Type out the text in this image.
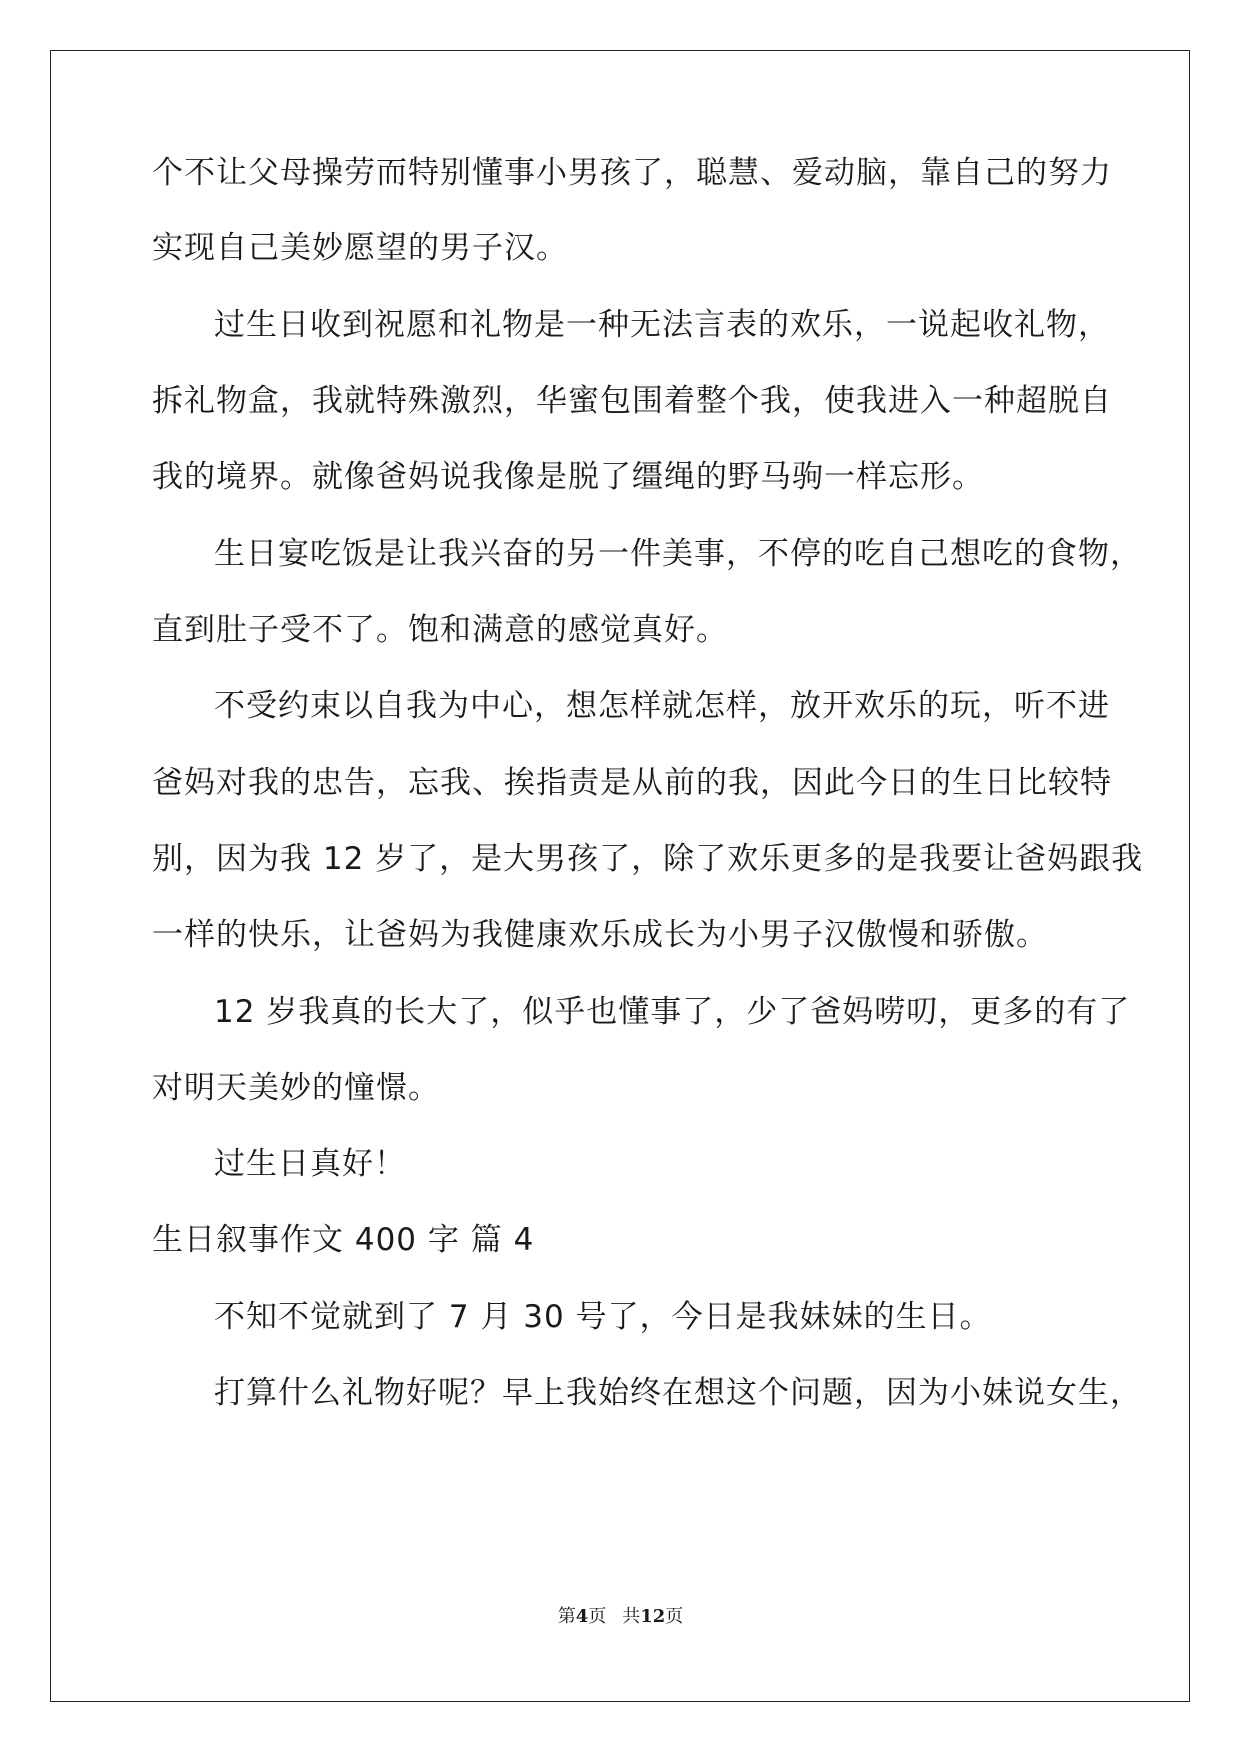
个不让父母操劳而特别懂事小男孩了，聪慧、爱动脑，靠自己的努力
实现自己美妙愿望的男子汉。
过生日收到祝愿和礼物是一种无法言表的欢乐，一说起收礼物，
拆礼物盒，我就特殊激烈，华蜜包围着整个我，使我进入一种超脱自
我的境界。就像爸妈说我像是脱了缰绳的野马驹一样忘形。
生日宴吃饭是让我兴奋的另一件美事，不停的吃自己想吃的食物，
直到肚子受不了。饱和满意的感觉真好。
不受约束以自我为中心，想怎样就怎样，放开欢乐的玩，听不进
爸妈对我的忠告，忘我、挨指责是从前的我，因此今日的生日比较特
别，因为我 12 岁了，是大男孩了，除了欢乐更多的是我要让爸妈跟我
一样的快乐，让爸妈为我健康欢乐成长为小男子汉傲慢和骄傲。
12 岁我真的长大了，似乎也懂事了，少了爸妈唠叨，更多的有了
对明天美妙的憧憬。
过生日真好！
生日叙事作文 400 字 篇 4
不知不觉就到了 7 月 30 号了，今日是我妹妹的生日。
打算什么礼物好呢？早上我始终在想这个问题，因为小妹说女生，
第4页 共12页
